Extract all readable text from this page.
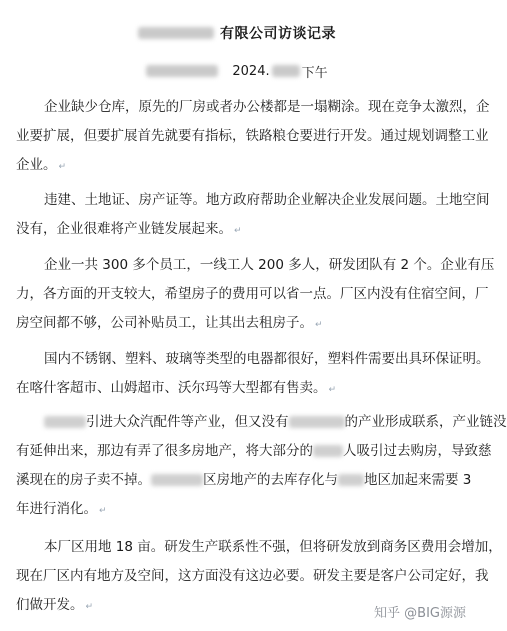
有限公司访谈记录
2024. 下午
企业缺少仓库，原先的厂房或者办公楼都是一塌糊涂。现在竞争太激烈，企
业要扩展，但要扩展首先就要有指标，铁路粮仓要进行开发。通过规划调整工业
企业。 ↵
违建、土地证、房产证等。地方政府帮助企业解决企业发展问题。土地空间
没有，企业很难将产业链发展起来。 ↵
企业一共 300 多个员工，一线工人 200 多人，研发团队有 2 个。企业有压
力，各方面的开支较大，希望房子的费用可以省一点。厂区内没有住宿空间，厂
房空间都不够，公司补贴员工，让其出去租房子。 ↵
国内不锈钢、塑料、玻璃等类型的电器都很好，塑料件需要出具环保证明。
在喀什客超市、山姆超市、沃尔玛等大型都有售卖。 ↵
引进大众汽配件等产业，但又没有	的产业形成联系，产业链没
有延伸出来，那边有弄了很多房地产，将大部分的 人吸引过去购房，导致慈
溪现在的房子卖不掉。	区房地产的去库存化与 地区加起来需要 3
年进行消化。 ↵
本厂区用地 18 亩。研发生产联系性不强，但将研发放到商务区费用会增加，
现在厂区内有地方及空间，这方面没有这边必要。研发主要是客户公司定好，我
们做开发。 ↵	知乎 @BIG源源
